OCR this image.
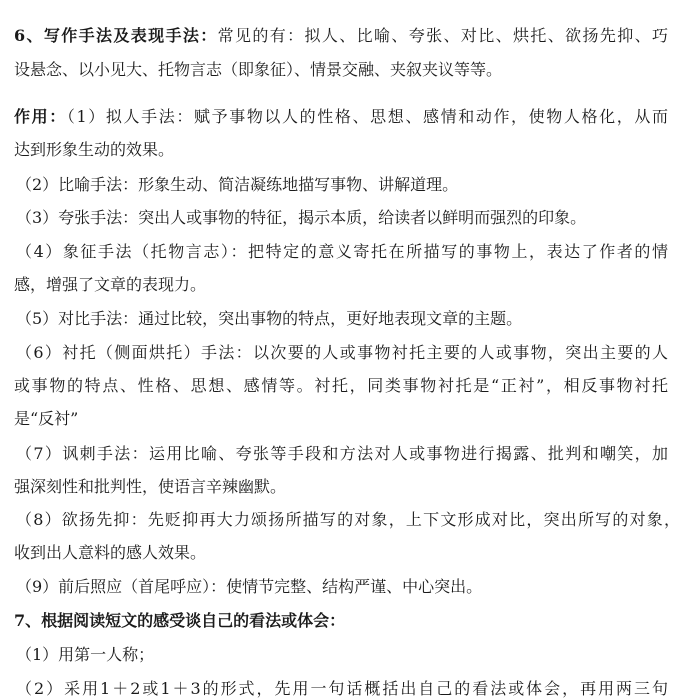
6、写作手法及表现手法：常见的有：拟人、比喻、夸张、对比、烘托、欲扬先抑、巧
设悬念、以小见大、托物言志（即象征）、情景交融、夹叙夹议等等。
作用：（1）拟人手法：赋予事物以人的性格、思想、感情和动作，使物人格化，从而
达到形象生动的效果。
（2）比喻手法：形象生动、简洁凝练地描写事物、讲解道理。
（3）夸张手法：突出人或事物的特征，揭示本质，给读者以鲜明而强烈的印象。
（4）象征手法（托物言志）：把特定的意义寄托在所描写的事物上，表达了作者的情
感，增强了文章的表现力。
（5）对比手法：通过比较，突出事物的特点，更好地表现文章的主题。
（6）衬托（侧面烘托）手法：以次要的人或事物衬托主要的人或事物，突出主要的人
或事物的特点、性格、思想、感情等。衬托，同类事物衬托是“正衬”，相反事物衬托
是“反衬”
（7）讽刺手法：运用比喻、夸张等手段和方法对人或事物进行揭露、批判和嘲笑，加
强深刻性和批判性，使语言辛辣幽默。
（8）欲扬先抑：先贬抑再大力颂扬所描写的对象，上下文形成对比，突出所写的对象，
收到出人意料的感人效果。
（9）前后照应（首尾呼应）：使情节完整、结构严谨、中心突出。
7、根据阅读短文的感受谈自己的看法或体会：
（1）用第一人称；
（2）采用1＋2或1＋3的形式，先用一句话概括出自己的看法或体会，再用两三句
